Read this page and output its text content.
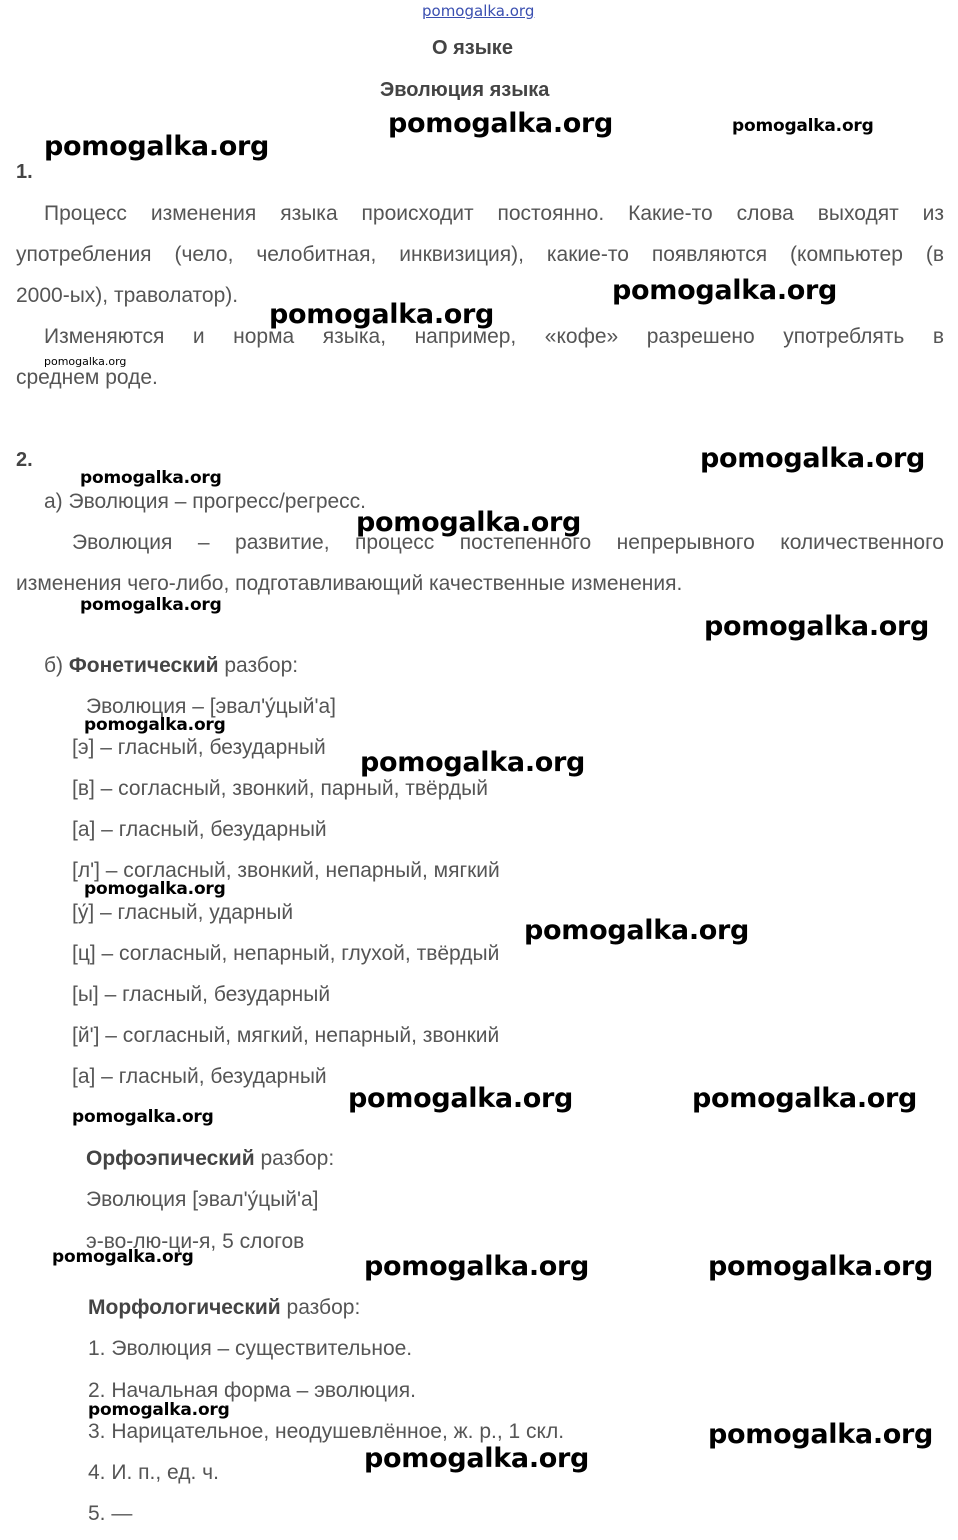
pomogalka.org
О языке
Эволюция языка
1.
Процесс изменения языка происходит постоянно. Какие-то слова выходят из
употребления (чело, челобитная, инквизиция), какие-то появляются (компьютер (в
2000-ых), траволатор).
Изменяются и норма языка, например, «кофе» разрешено употреблять в
среднем роде.
2.
а) Эволюция – прогресс/регресс.
Эволюция – развитие, процесс постепенного непрерывного количественного
изменения чего-либо, подготавливающий качественные изменения.
б) Фонетический разбор:
Эволюция – [эвал'у́цый'а]
[э] – гласный, безударный
[в] – согласный, звонкий, парный, твёрдый
[а] – гласный, безударный
[л'] – согласный, звонкий, непарный, мягкий
[у́] – гласный, ударный
[ц] – согласный, непарный, глухой, твёрдый
[ы] – гласный, безударный
[й'] – согласный, мягкий, непарный, звонкий
[а] – гласный, безударный
Орфоэпический разбор:
Эволюция [эвал'у́цый'а]
э-во-лю-ци-я, 5 слогов
Морфологический разбор:
1. Эволюция – существительное.
2. Начальная форма – эволюция.
3. Нарицательное, неодушевлённое, ж. р., 1 скл.
4. И. п., ед. ч.
5. —
pomogalka.org	pomogalka.org
pomogalka.org
pomogalka.org
pomogalka.org
pomogalka.org
pomogalka.org
pomogalka.org
pomogalka.org
pomogalka.org
pomogalka.org
pomogalka.org
pomogalka.org
pomogalka.org
pomogalka.org
pomogalka.org	pomogalka.org
pomogalka.org
pomogalka.org	pomogalka.org	pomogalka.org
pomogalka.org
pomogalka.org
pomogalka.org
